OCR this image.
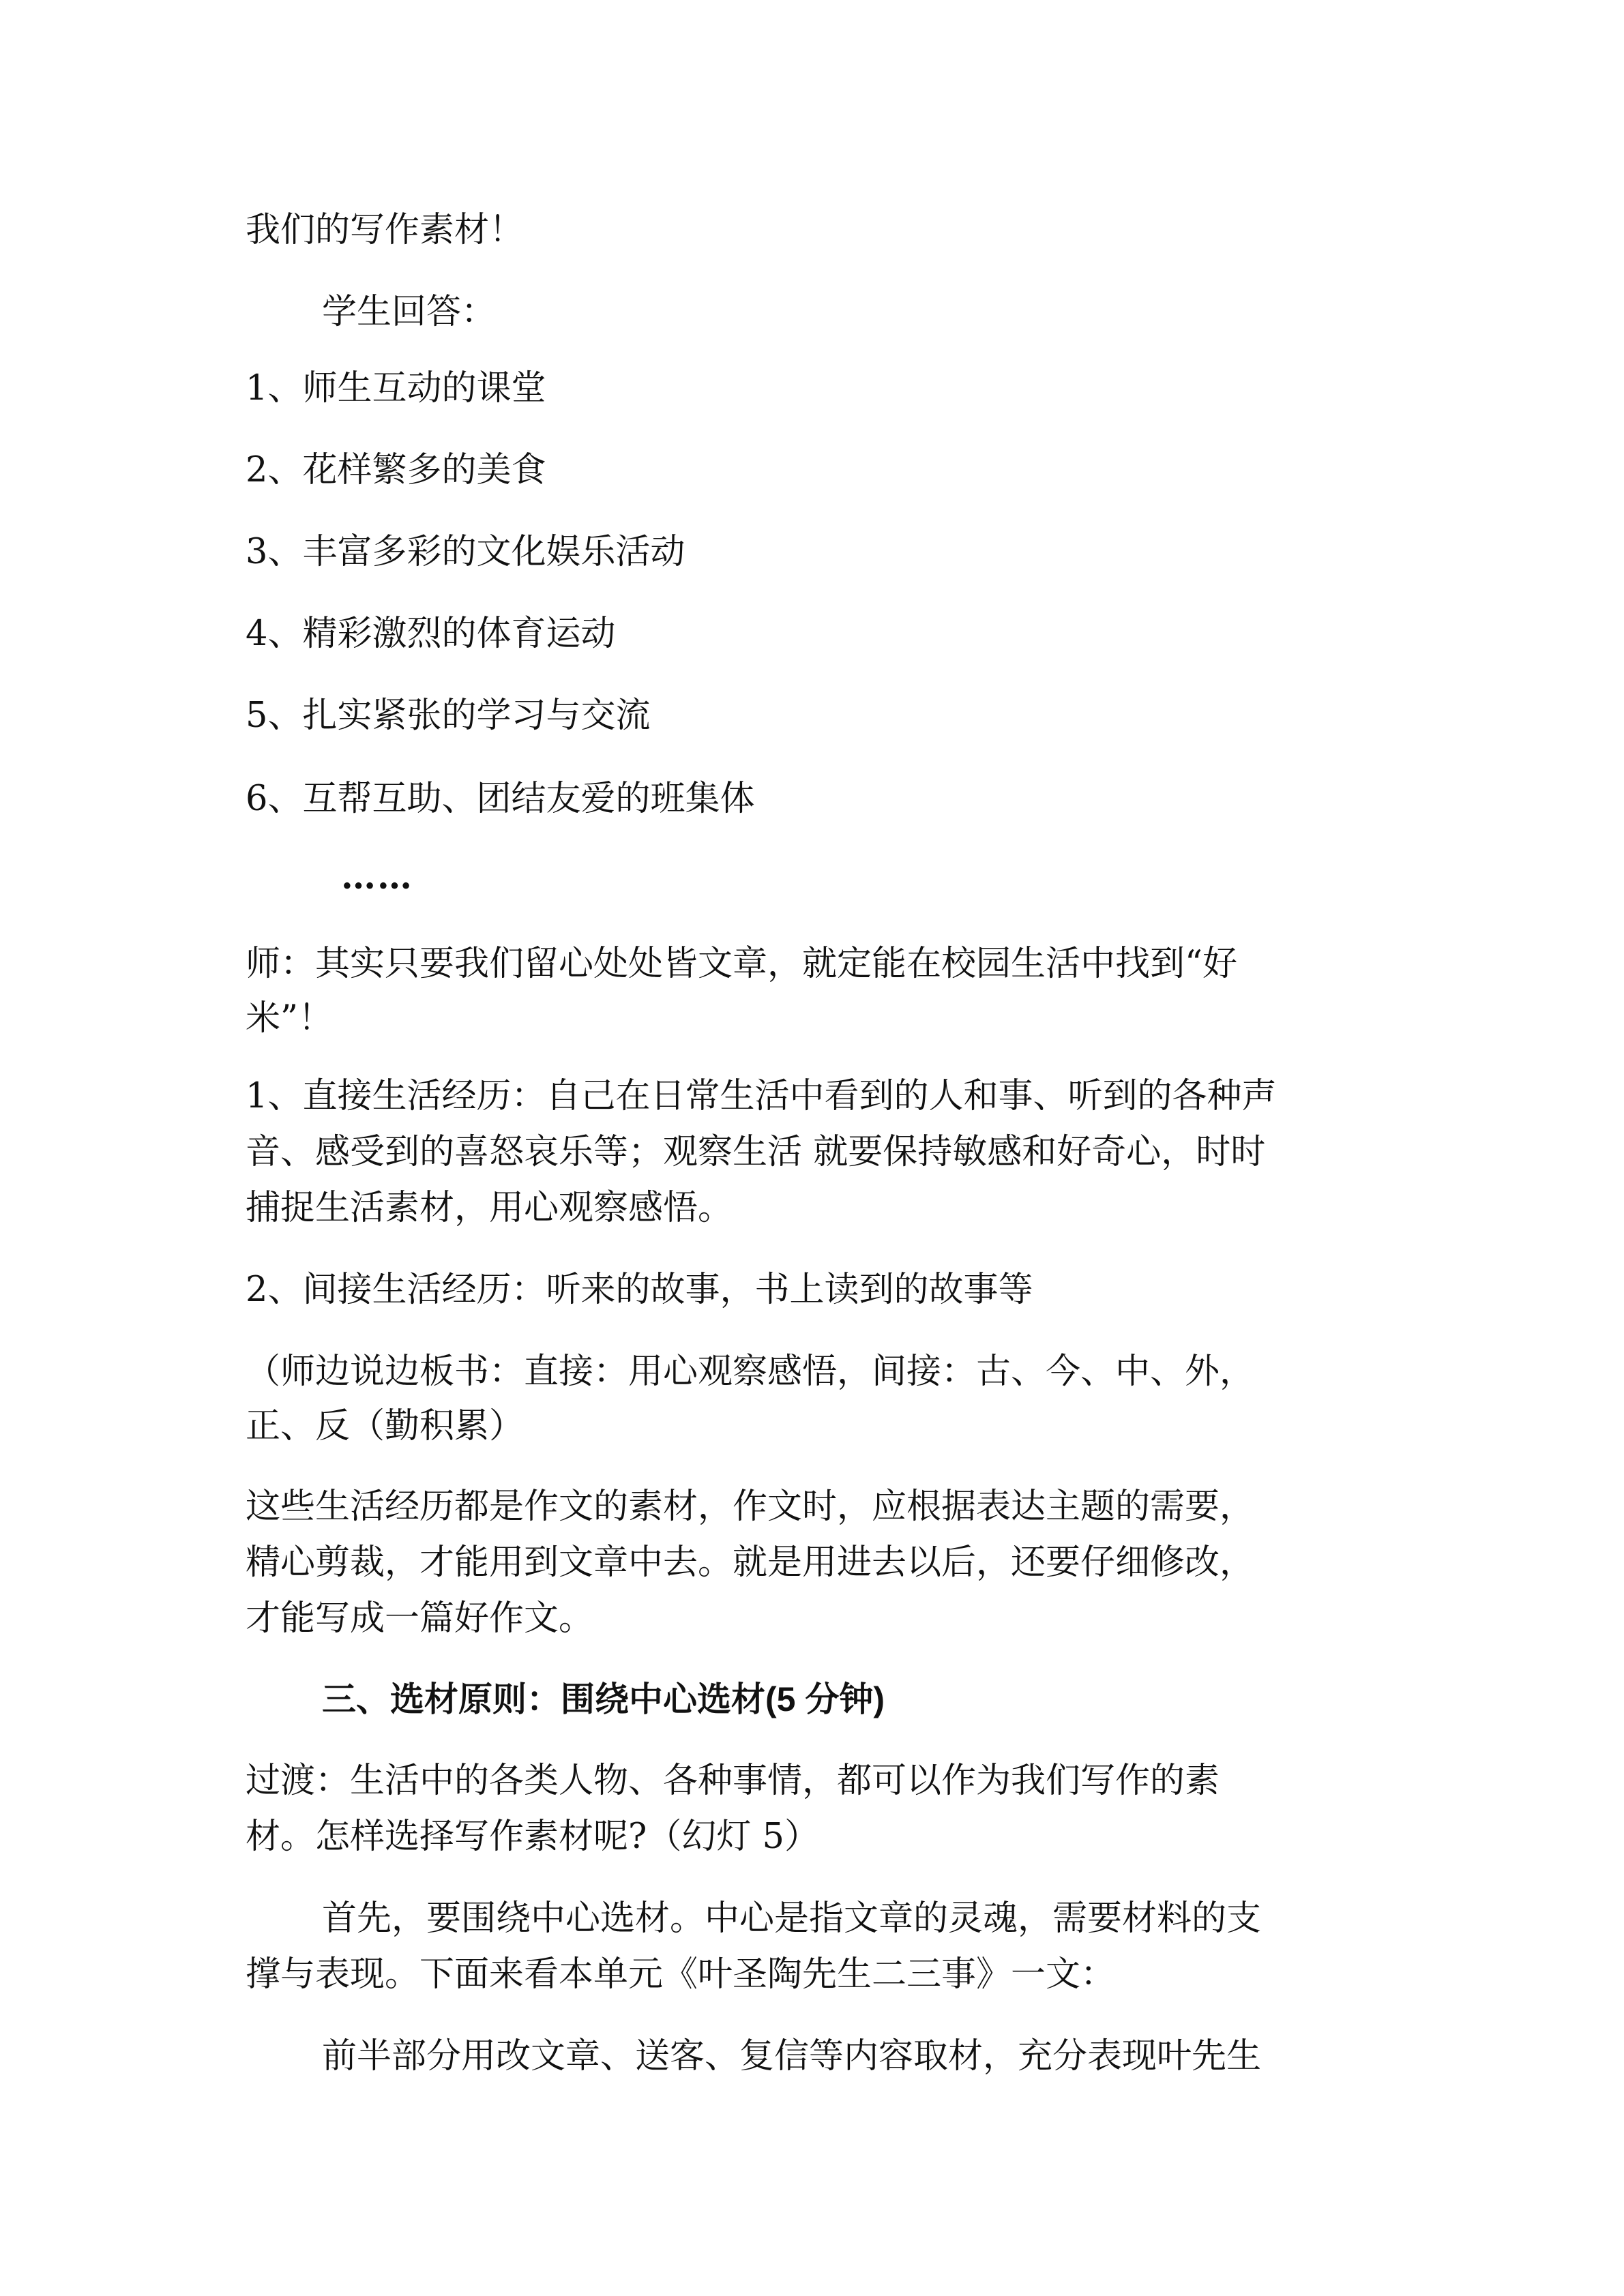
我们的写作素材！
学生回答：
1、师生互动的课堂
2、花样繁多的美食
3、丰富多彩的文化娱乐活动
4、精彩激烈的体育运动
5、扎实紧张的学习与交流
6、互帮互助、团结友爱的班集体
……
师：其实只要我们留心处处皆文章，就定能在校园生活中找到“好
米”！
1、直接生活经历：自己在日常生活中看到的人和事、听到的各种声
音、感受到的喜怒哀乐等；观察生活 就要保持敏感和好奇心，时时
捕捉生活素材，用心观察感悟。
2、间接生活经历：听来的故事，书上读到的故事等
（师边说边板书：直接：用心观察感悟，间接：古、今、中、外，
正、反（勤积累）
这些生活经历都是作文的素材，作文时，应根据表达主题的需要，
精心剪裁，才能用到文章中去。就是用进去以后，还要仔细修改，
才能写成一篇好作文。
三、选材原则：围绕中心选材(5 分钟)
过渡：生活中的各类人物、各种事情，都可以作为我们写作的素
材。怎样选择写作素材呢?（幻灯 5）
首先，要围绕中心选材。中心是指文章的灵魂，需要材料的支
撑与表现。下面来看本单元《叶圣陶先生二三事》一文：
前半部分用改文章、送客、复信等内容取材，充分表现叶先生
